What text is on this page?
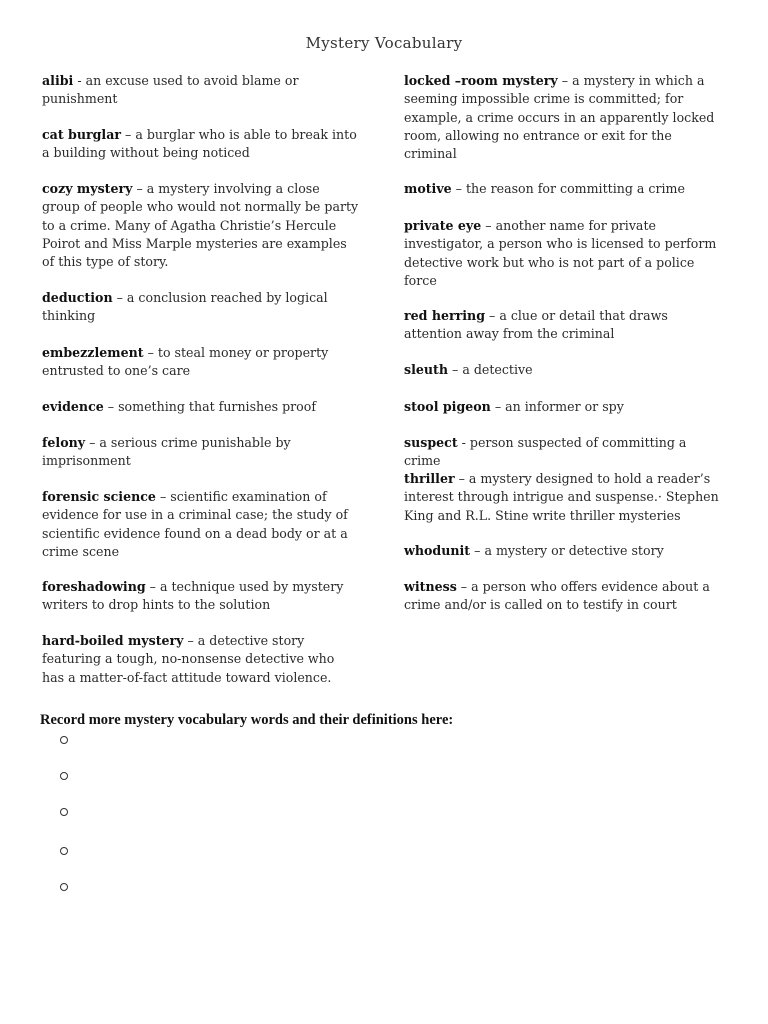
Mystery Vocabulary
alibi - an excuse used to avoid blame or punishment
cat burglar – a burglar who is able to break into a building without being noticed
cozy mystery – a mystery involving a close group of people who would not normally be party to a crime. Many of Agatha Christie’s Hercule Poirot and Miss Marple mysteries are examples of this type of story.
deduction – a conclusion reached by logical thinking
embezzlement – to steal money or property entrusted to one’s care
evidence – something that furnishes proof
felony – a serious crime punishable by imprisonment
forensic science – scientific examination of evidence for use in a criminal case; the study of scientific evidence found on a dead body or at a crime scene
foreshadowing – a technique used by mystery writers to drop hints to the solution
hard-boiled mystery – a detective story featuring a tough, no-nonsense detective who has a matter-of-fact attitude toward violence.
locked –room mystery – a mystery in which a seeming impossible crime is committed; for example, a crime occurs in an apparently locked room, allowing no entrance or exit for the criminal
motive – the reason for committing a crime
private eye – another name for private investigator, a person who is licensed to perform detective work but who is not part of a police force
red herring – a clue or detail that draws attention away from the criminal
sleuth – a detective
stool pigeon – an informer or spy
suspect - person suspected of committing a crime
thriller – a mystery designed to hold a reader’s interest through intrigue and suspense.· Stephen King and R.L. Stine write thriller mysteries
whodunit – a mystery or detective story
witness – a person who offers evidence about a crime and/or is called on to testify in court
Record more mystery vocabulary words and their definitions here:
